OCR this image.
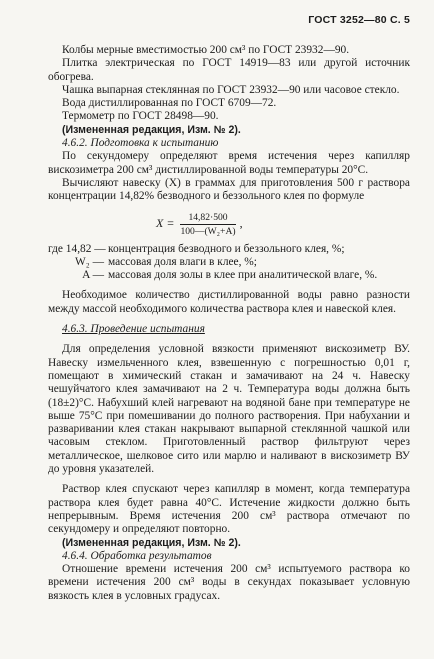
ГОСТ 3252—80 С. 5

Колбы мерные вместимостью 200 см³ по ГОСТ 23932—90.

Плитка электрическая по ГОСТ 14919—83 или другой источник обогрева.

Чашка выпарная стеклянная по ГОСТ 23932—90 или часовое стекло.

Вода дистиллированная по ГОСТ 6709—72.

Термометр по ГОСТ 28498—90.

(Измененная редакция, Изм. № 2).

4.6.2. Подготовка к испытанию

По секундомеру определяют время истечения через капилляр вискозиметра 200 см³ дистиллированной воды температуры 20°С.

Вычисляют навеску (X) в граммах для приготовления 500 г раствора концентрации 14,82% безводного и беззольного клея по формуле

$X = \frac{14,82\cdot 500}{\text{100—(W₂+A)}}$ ,
где 14,82 — концентрация безводного и беззольного клея, %;
W₂ — массовая доля влаги в клее, %;
A — массовая доля золы в клее при аналитической влаге, %.

Необходимое количество дистиллированной воды равно разности между массой необходимого количества раствора клея и навеской клея.

4.6.3. Проведение испытания

Для определения условной вязкости применяют вискозиметр ВУ. Навеску измельченного клея, взвешенную с погрешностью 0,01 г, помещают в химический стакан и замачивают на 24 ч. Навеску чешуйчатого клея замачивают на 2 ч. Температура воды должна быть (18±2)°С. Набухший клей нагревают на водяной бане при температуре не выше 75°С при помешивании до полного растворения. При набухании и разваривании клея стакан накрывают выпарной стеклянной чашкой или часовым стеклом. Приготовленный раствор фильтруют через металлическое, шелковое сито или марлю и наливают в вискозиметр ВУ до уровня указателей.

Раствор клея спускают через капилляр в момент, когда температура раствора клея будет равна 40°С. Истечение жидкости должно быть непрерывным. Время истечения 200 см³ раствора отмечают по секундомеру и определяют повторно.

(Измененная редакция, Изм. № 2).

4.6.4. Обработка результатов

Отношение времени истечения 200 см³ испытуемого раствора ко времени истечения 200 см³ воды в секундах показывает условную вязкость клея в условных градусах.
